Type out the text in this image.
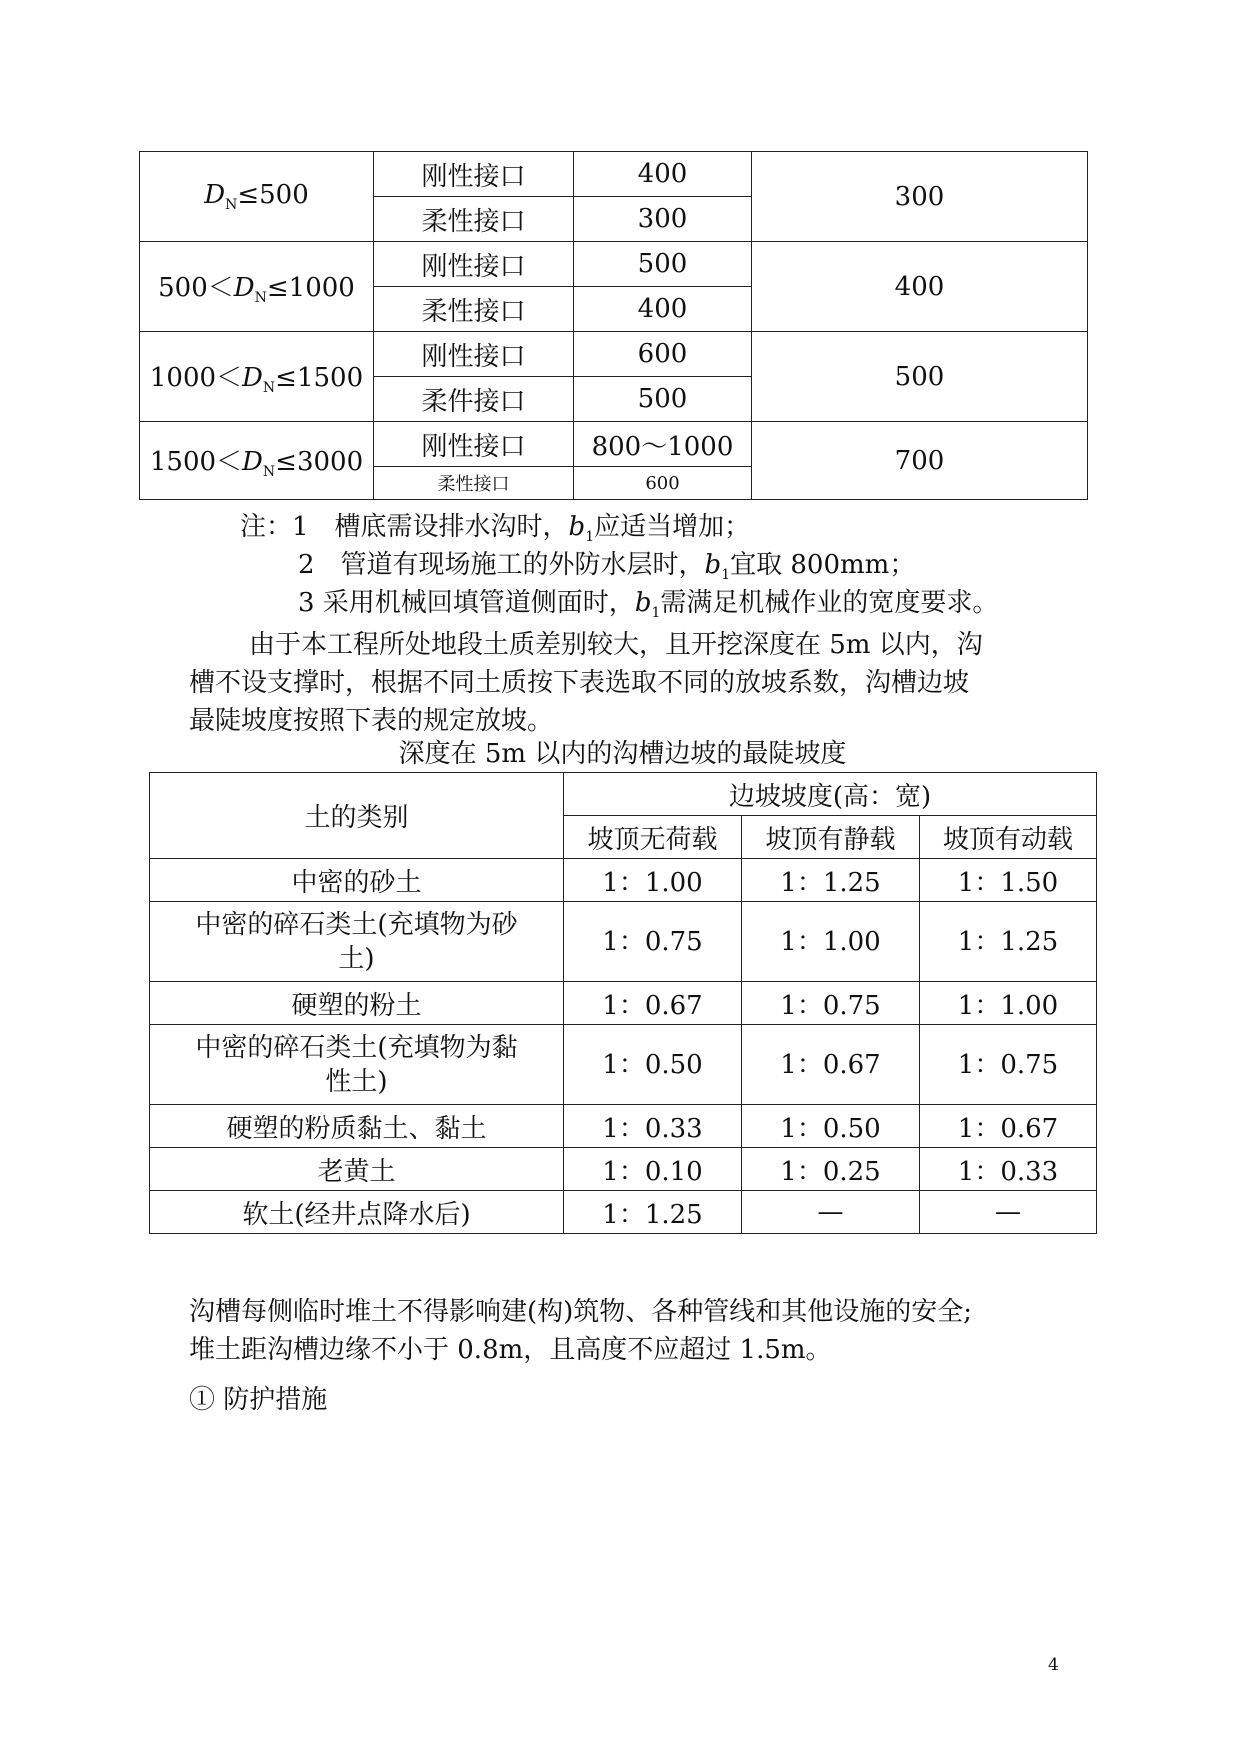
$D_N\le 500$	刚性接口	400	300
	柔性接口	300	
$500<D_N\le 1000$	刚性接口	500	400
	柔性接口	400	
$1000<D_N\le 1500$	刚性接口	600	500
	柔件接口	500	
$1500<D_N\le 3000$	刚性接口	800～1000	700
	柔性接口	600	
注：1　槽底需设排水沟时，$b_1$应适当增加；
2　管道有现场施工的外防水层时，$b_1$宜取 800mm；
3 采用机械回填管道侧面时，$b_1$需满足机械作业的宽度要求。
由于本工程所处地段土质差别较大，且开挖深度在 5m 以内，沟
槽不设支撑时，根据不同土质按下表选取不同的放坡系数，沟槽边坡
最陡坡度按照下表的规定放坡。
深度在 5m 以内的沟槽边坡的最陡坡度
土的类别	边坡坡度(高：宽)		
	坡顶无荷载	坡顶有静载	坡顶有动载
中密的砂土	1：1.00	1：1.25	1：1.50

中密的碎石类土(充填物为砂
土)	1：0.75	1：1.00	1：1.25
硬塑的粉土	1：0.67	1：0.75	1：1.00

中密的碎石类土(充填物为黏
性土)	1：0.50	1：0.67	1：0.75
硬塑的粉质黏土、黏土	1：0.33	1：0.50	1：0.67
老黄土	1：0.10	1：0.25	1：0.33
软土(经井点降水后)	1：1.25	—	—
沟槽每侧临时堆土不得影响建(构)筑物、各种管线和其他设施的安全;
堆土距沟槽边缘不小于 0.8m，且高度不应超过 1.5m。
① 防护措施
4
